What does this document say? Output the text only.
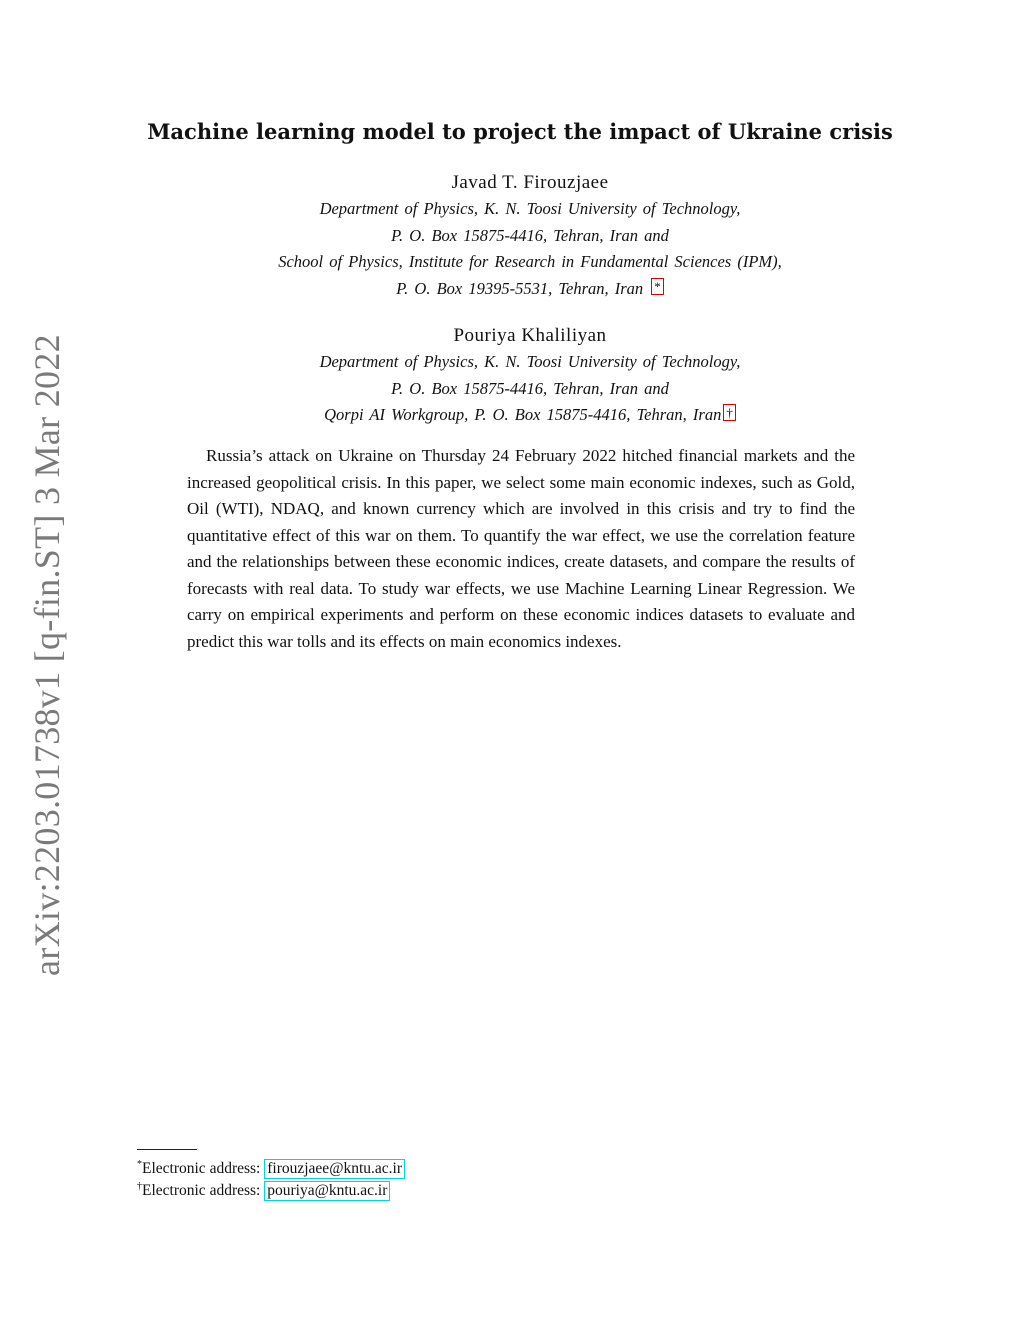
arXiv:2203.01738v1 [q-fin.ST] 3 Mar 2022
Machine learning model to project the impact of Ukraine crisis
Javad T. Firouzjaee
Department of Physics, K. N. Toosi University of Technology,
P. O. Box 15875-4416, Tehran, Iran and
School of Physics, Institute for Research in Fundamental Sciences (IPM),
P. O. Box 19395-5531, Tehran, Iran *
Pouriya Khaliliyan
Department of Physics, K. N. Toosi University of Technology,
P. O. Box 15875-4416, Tehran, Iran and
Qorpi AI Workgroup, P. O. Box 15875-4416, Tehran, Iran †

Russia’s attack on Ukraine on Thursday 24 February 2022 hitched financial markets and the increased geopolitical crisis. In this paper, we select some main economic indexes, such as Gold, Oil (WTI), NDAQ, and known currency which are involved in this crisis and try to find the quantitative effect of this war on them. To quantify the war effect, we use the correlation feature and the relationships between these economic indices, create datasets, and compare the results of forecasts with real data. To study war effects, we use Machine Learning Linear Regression. We carry on empirical experiments and perform on these economic indices datasets to evaluate and predict this war tolls and its effects on main economics indexes.

*Electronic address: firouzjaee@kntu.ac.ir
†Electronic address: pouriya@kntu.ac.ir
